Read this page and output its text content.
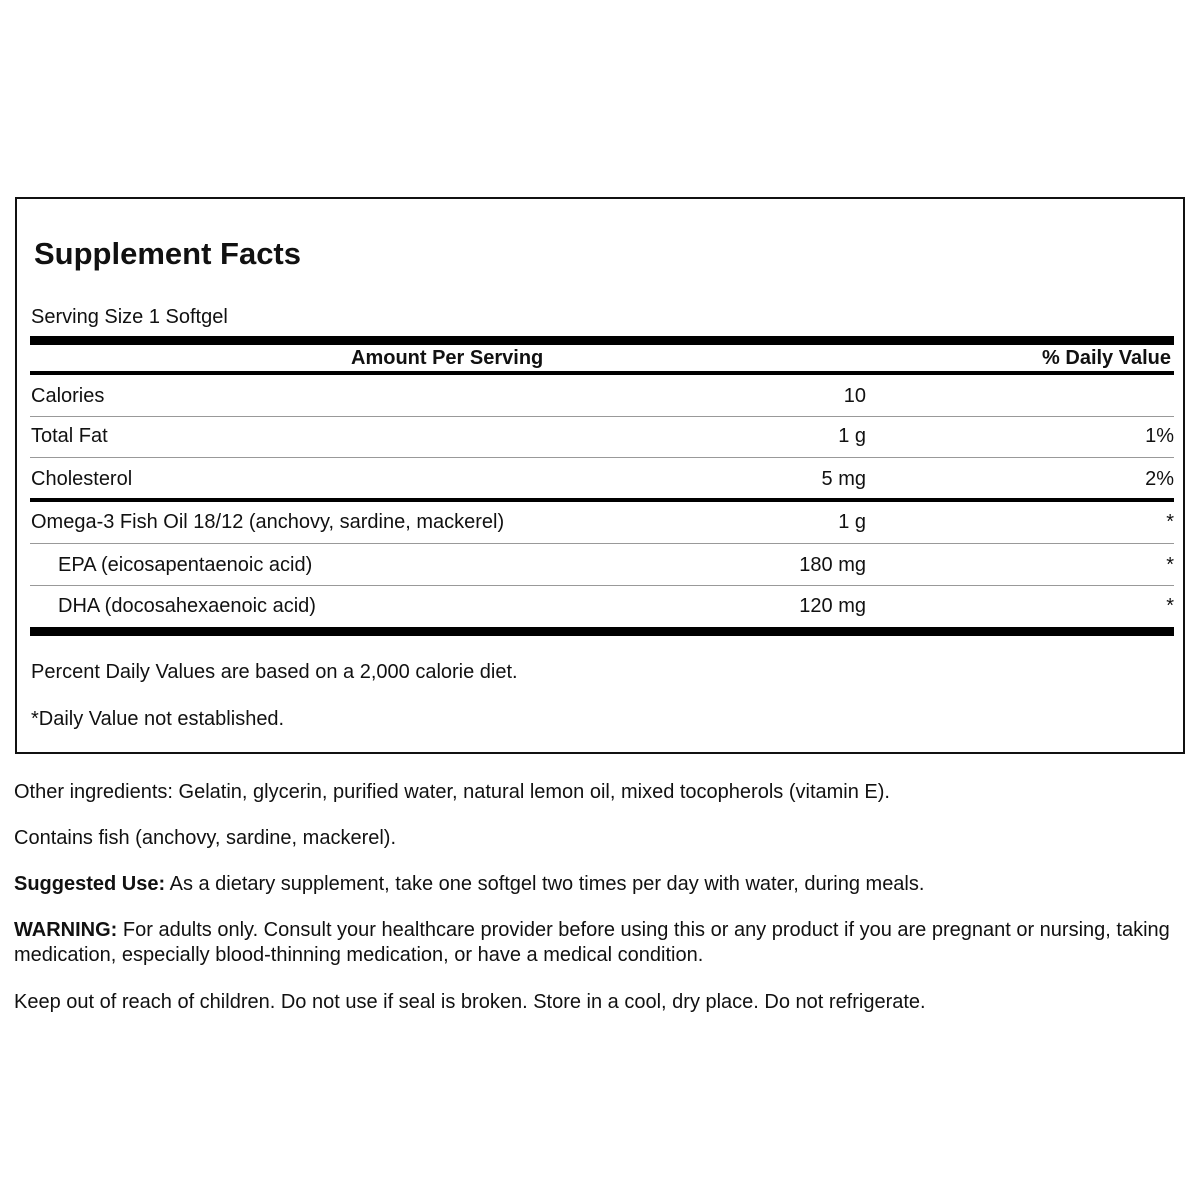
Supplement Facts
Serving Size 1 Softgel
Amount Per Serving	% Daily Value
Calories	10
Total Fat	1 g	1%
Cholesterol	5 mg	2%
Omega-3 Fish Oil 18/12 (anchovy, sardine, mackerel)	1 g	*
EPA (eicosapentaenoic acid)	180 mg	*
DHA (docosahexaenoic acid)	120 mg	*
Percent Daily Values are based on a 2,000 calorie diet.
*Daily Value not established.
Other ingredients: Gelatin, glycerin, purified water, natural lemon oil, mixed tocopherols (vitamin E).
Contains fish (anchovy, sardine, mackerel).
Suggested Use: As a dietary supplement, take one softgel two times per day with water, during meals.
WARNING: For adults only. Consult your healthcare provider before using this or any product if you are pregnant or nursing, taking medication, especially blood-thinning medication, or have a medical condition.
Keep out of reach of children. Do not use if seal is broken. Store in a cool, dry place. Do not refrigerate.
